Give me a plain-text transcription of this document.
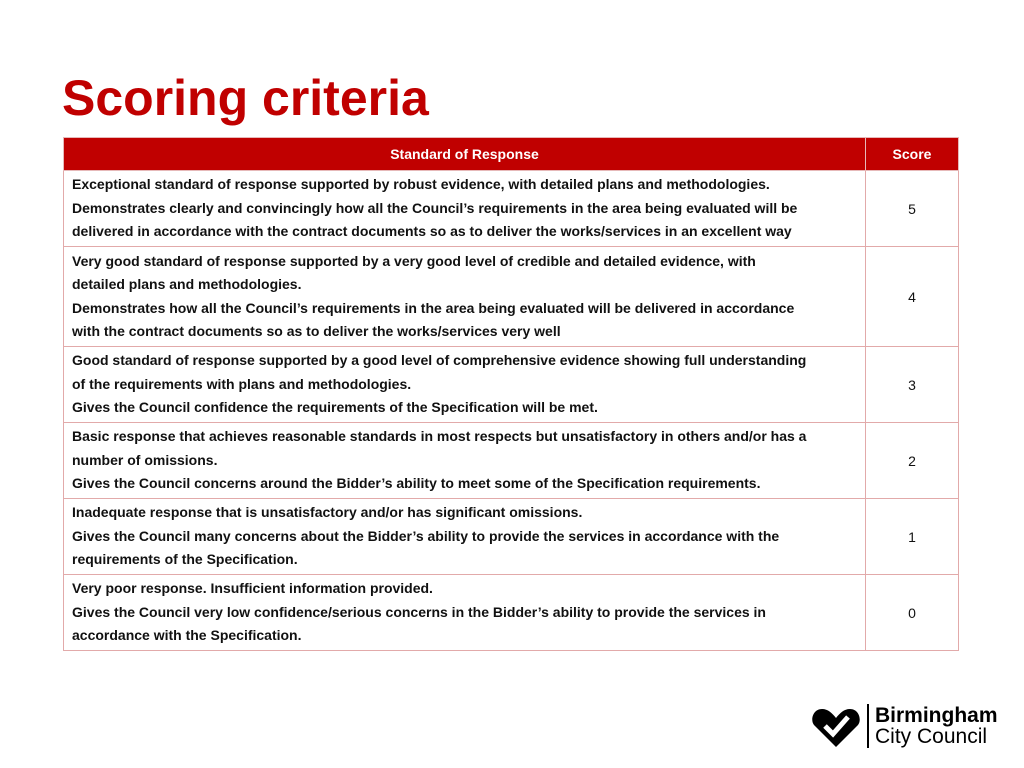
Scoring criteria
Standard of Response	Score

Exceptional standard of response supported by robust evidence, with detailed plans and methodologies.
Demonstrates clearly and convincingly how all the Council’s requirements in the area being evaluated will be
delivered in accordance with the contract documents so as to deliver the works/services in an excellent way	5

Very good standard of response supported by a very good level of credible and detailed evidence, with
detailed plans and methodologies.
Demonstrates how all the Council’s requirements in the area being evaluated will be delivered in accordance
with the contract documents so as to deliver the works/services very well	4

Good standard of response supported by a good level of comprehensive evidence showing full understanding
of the requirements with plans and methodologies.
Gives the Council confidence the requirements of the Specification will be met.	3

Basic response that achieves reasonable standards in most respects but unsatisfactory in others and/or has a
number of omissions.
Gives the Council concerns around the Bidder’s ability to meet some of the Specification requirements.	2

Inadequate response that is unsatisfactory and/or has significant omissions.
Gives the Council many concerns about the Bidder’s ability to provide the services in accordance with the
requirements of the Specification.	1

Very poor response. Insufficient information provided.
Gives the Council very low confidence/serious concerns in the Bidder’s ability to provide the services in
accordance with the Specification.	0
Birmingham
City Council
